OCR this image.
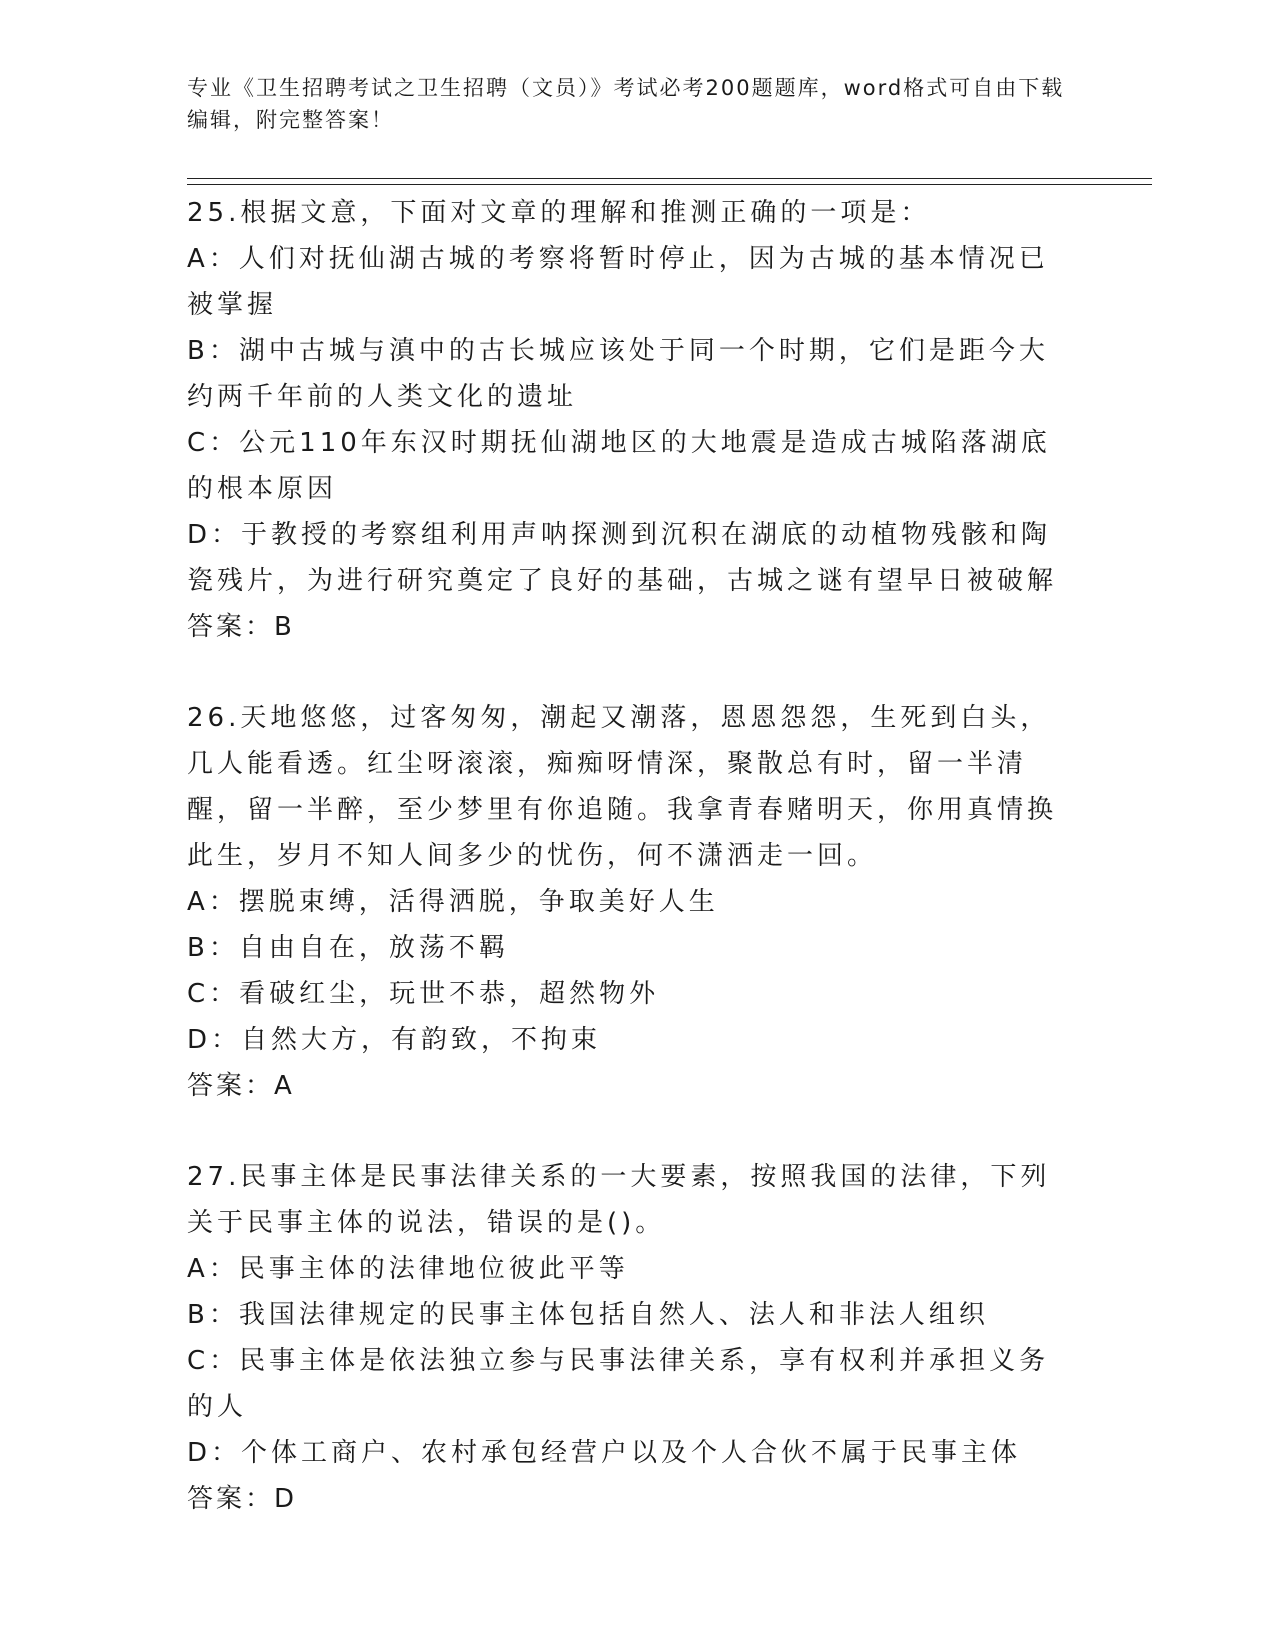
专业《卫生招聘考试之卫生招聘（文员）》考试必考200题题库，word格式可自由下载编辑，附完整答案！

25.根据文意，下面对文章的理解和推测正确的一项是：

A：人们对抚仙湖古城的考察将暂时停止，因为古城的基本情况已被掌握

B：湖中古城与滇中的古长城应该处于同一个时期，它们是距今大约两千年前的人类文化的遗址

C：公元110年东汉时期抚仙湖地区的大地震是造成古城陷落湖底的根本原因

D：于教授的考察组利用声呐探测到沉积在湖底的动植物残骸和陶瓷残片，为进行研究奠定了良好的基础，古城之谜有望早日被破解

答案：B

26.天地悠悠，过客匆匆，潮起又潮落，恩恩怨怨，生死到白头，几人能看透。红尘呀滚滚，痴痴呀情深，聚散总有时，留一半清醒，留一半醉，至少梦里有你追随。我拿青春赌明天，你用真情换此生，岁月不知人间多少的忧伤，何不潇洒走一回。

A：摆脱束缚，活得洒脱，争取美好人生

B：自由自在，放荡不羁

C：看破红尘，玩世不恭，超然物外

D：自然大方，有韵致，不拘束

答案：A

27.民事主体是民事法律关系的一大要素，按照我国的法律，下列关于民事主体的说法，错误的是()。

A：民事主体的法律地位彼此平等

B：我国法律规定的民事主体包括自然人、法人和非法人组织

C：民事主体是依法独立参与民事法律关系，享有权利并承担义务的人

D：个体工商户、农村承包经营户以及个人合伙不属于民事主体

答案：D
